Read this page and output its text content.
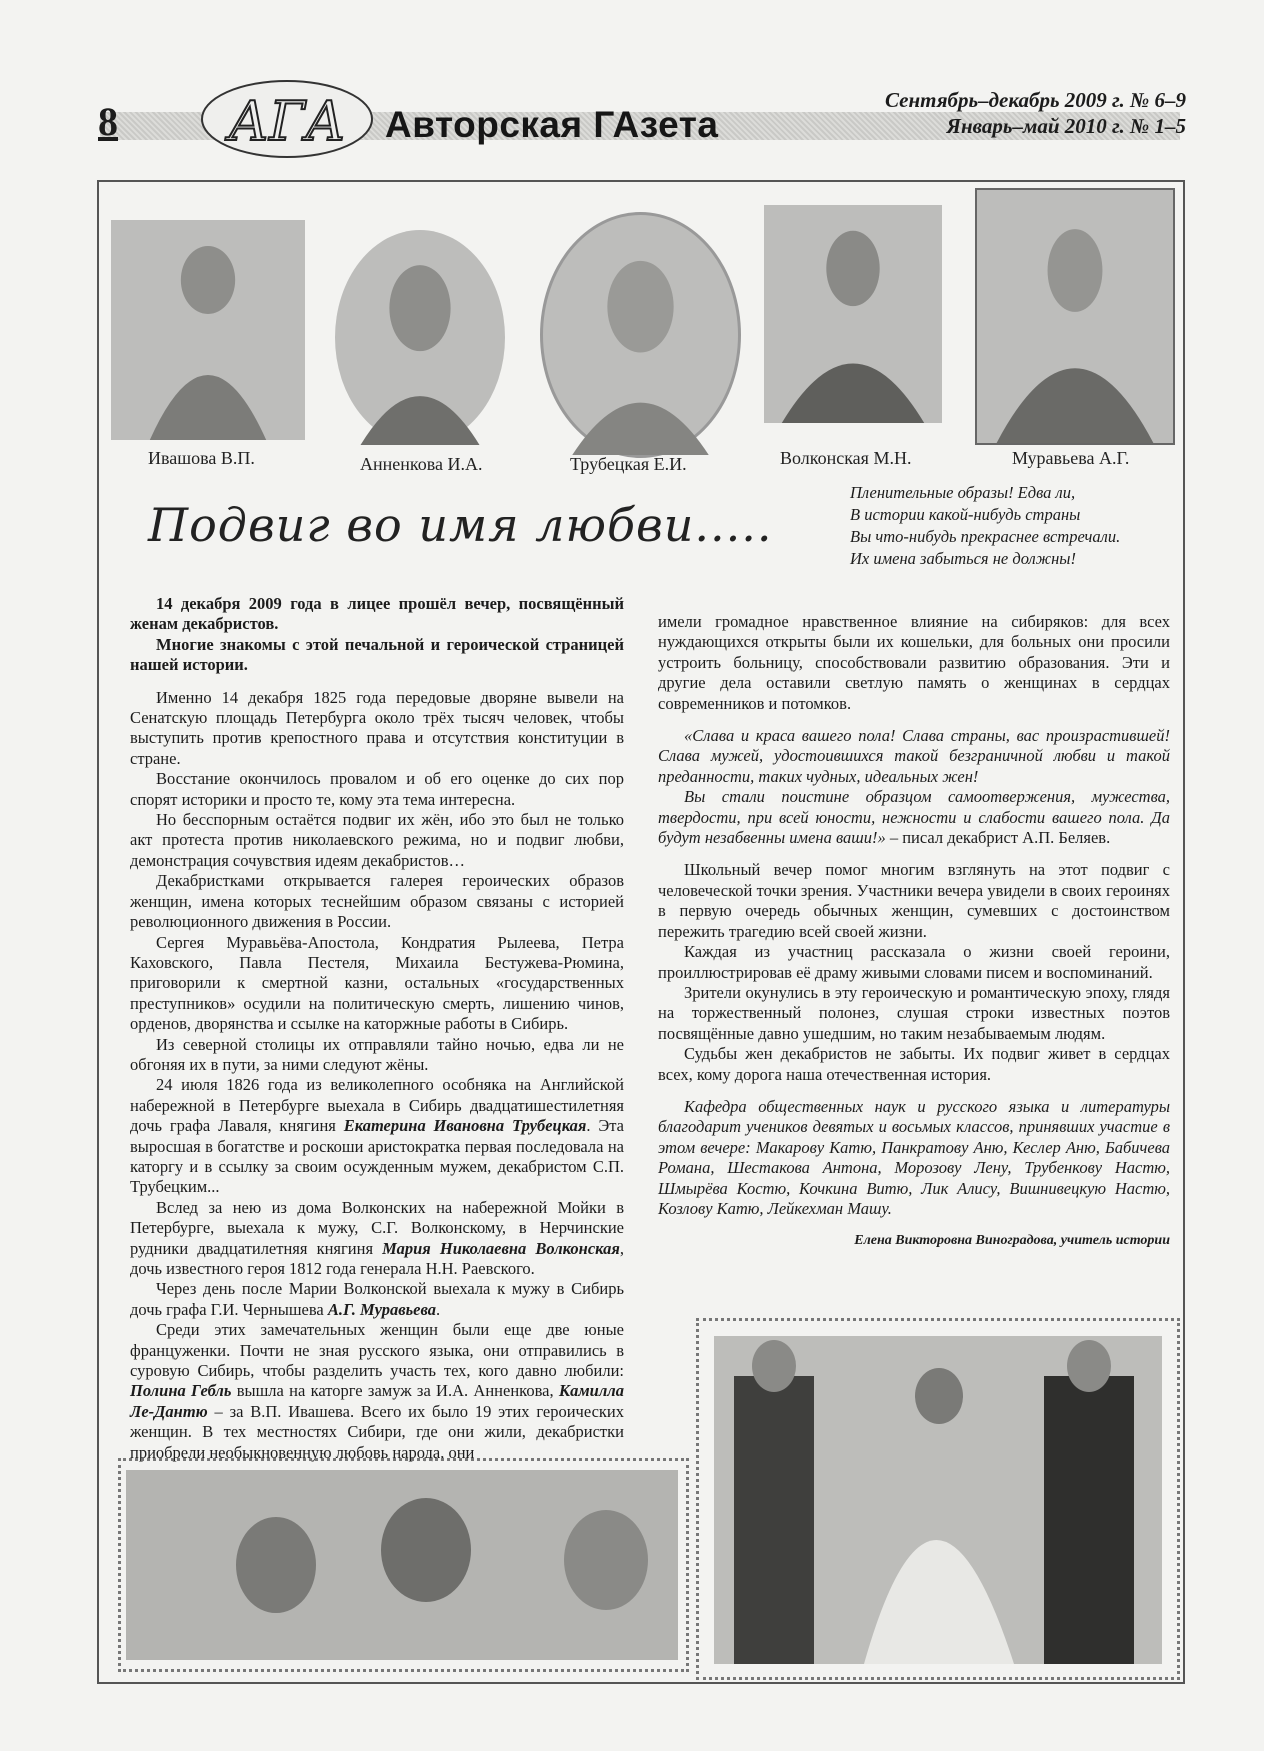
8 АГА Авторская ГАзета
Сентябрь–декабрь 2009 г. № 6–9
Январь–май 2010 г. № 1–5
Ивашова В.П.	Анненкова И.А.	Трубецкая Е.И.	Волконская М.Н.	Муравьева А.Г.
Подвиг во имя любви.....
Пленительные образы! Едва ли,
В истории какой-нибудь страны
Вы что-нибудь прекраснее встречали.
Их имена забыться не должны!

14 декабря 2009 года в лицее прошёл вечер, посвящённый женам декабристов.

Многие знакомы с этой печальной и героической страницей нашей истории.

Именно 14 декабря 1825 года передовые дворяне вывели на Сенатскую площадь Петербурга около трёх тысяч человек, чтобы выступить против крепостного права и отсутствия конституции в стране.

Восстание окончилось провалом и об его оценке до сих пор спорят историки и просто те, кому эта тема интересна.

Но бесспорным остаётся подвиг их жён, ибо это был не только акт протеста против николаевского режима, но и подвиг любви, демонстрация сочувствия идеям декабристов…

Декабристками открывается галерея героических образов женщин, имена которых теснейшим образом связаны с историей революционного движения в России.

Сергея Муравьёва-Апостола, Кондратия Рылеева, Петра Каховского, Павла Пестеля, Михаила Бестужева-Рюмина, приговорили к смертной казни, остальных «государственных преступников» осудили на политическую смерть, лишению чинов, орденов, дворянства и ссылке на каторжные работы в Сибирь.

Из северной столицы их отправляли тайно ночью, едва ли не обгоняя их в пути, за ними следуют жёны.

24 июля 1826 года из великолепного особняка на Английской набережной в Петербурге выехала в Сибирь двадцатишестилетняя дочь графа Лаваля, княгиня Екатерина Ивановна Трубецкая. Эта выросшая в богатстве и роскоши аристократка первая последовала на каторгу и в ссылку за своим осужденным мужем, декабристом С.П. Трубецким...

Вслед за нею из дома Волконских на набережной Мойки в Петербурге, выехала к мужу, С.Г. Волконскому, в Нерчинские рудники двадцатилетняя княгиня Мария Николаевна Волконская, дочь известного героя 1812 года генерала Н.Н. Раевского.

Через день после Марии Волконской выехала к мужу в Сибирь дочь графа Г.И. Чернышева А.Г. Муравьева.

Среди этих замечательных женщин были еще две юные француженки. Почти не зная русского языка, они отправились в суровую Сибирь, чтобы разделить участь тех, кого давно любили: Полина Гебль вышла на каторге замуж за И.А. Анненкова, Камилла Ле-Дантю – за В.П. Ивашева. Всего их было 19 этих героических женщин. В тех местностях Сибири, где они жили, декабристки приобрели необыкновенную любовь народа, они

имели громадное нравственное влияние на сибиряков: для всех нуждающихся открыты были их кошельки, для больных они просили устроить больницу, способствовали развитию образования. Эти и другие дела оставили светлую память о женщинах в сердцах современников и потомков.

«Слава и краса вашего пола! Слава страны, вас произрастившей! Слава мужей, удостоившихся такой безграничной любви и такой преданности, таких чудных, идеальных жен!

Вы стали поистине образцом самоотвержения, мужества, твердости, при всей юности, нежности и слабости вашего пола. Да будут незабвенны имена ваши!» – писал декабрист А.П. Беляев.

Школьный вечер помог многим взглянуть на этот подвиг с человеческой точки зрения. Участники вечера увидели в своих героинях в первую очередь обычных женщин, сумевших с достоинством пережить трагедию всей своей жизни.

Каждая из участниц рассказала о жизни своей героини, проиллюстрировав её драму живыми словами писем и воспоминаний.

Зрители окунулись в эту героическую и романтическую эпоху, глядя на торжественный полонез, слушая строки известных поэтов посвящённые давно ушедшим, но таким незабываемым людям.

Судьбы жен декабристов не забыты. Их подвиг живет в сердцах всех, кому дорога наша отечественная история.

Кафедра общественных наук и русского языка и литературы благодарит учеников девятых и восьмых классов, принявших участие в этом вечере: Макарову Катю, Панкратову Аню, Кеслер Аню, Бабичева Романа, Шестакова Антона, Морозову Лену, Трубенкову Настю, Шмырёва Костю, Кочкина Витю, Лик Алису, Вишнивецкую Настю, Козлову Катю, Лейкехман Машу.

Елена Викторовна Виноградова, учитель истории
